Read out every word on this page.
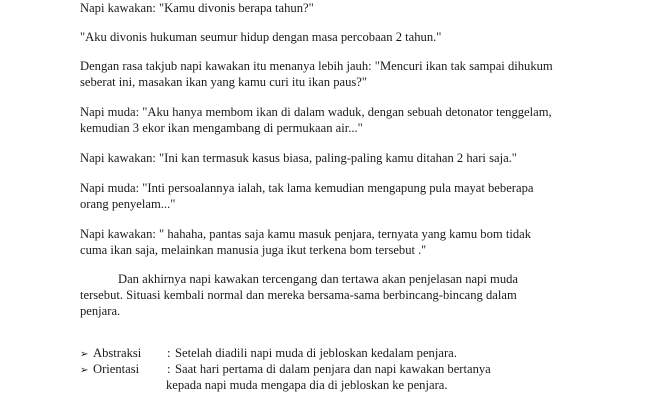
Napi kawakan: "Kamu divonis berapa tahun?"
"Aku divonis hukuman seumur hidup dengan masa percobaan 2 tahun."
Dengan rasa takjub napi kawakan itu menanya lebih jauh: "Mencuri ikan tak sampai dihukum
seberat ini, masakan ikan yang kamu curi itu ikan paus?"
Napi muda: "Aku hanya membom ikan di dalam waduk, dengan sebuah detonator tenggelam,
kemudian 3 ekor ikan mengambang di permukaan air..."
Napi kawakan: "Ini kan termasuk kasus biasa, paling-paling kamu ditahan 2 hari saja."
Napi muda: "Inti persoalannya ialah, tak lama kemudian mengapung pula mayat beberapa
orang penyelam..."
Napi kawakan: " hahaha, pantas saja kamu masuk penjara, ternyata yang kamu bom tidak
cuma ikan saja, melainkan manusia juga ikut terkena bom tersebut .''
Dan akhirnya napi kawakan tercengang dan tertawa akan penjelasan napi muda
tersebut. Situasi kembali normal dan mereka bersama-sama berbincang-bincang dalam
penjara.
➢ Abstraksi : Setelah diadili napi muda di jebloskan kedalam penjara.
➢ Orientasi : Saat hari pertama di dalam penjara dan napi kawakan bertanya
kepada napi muda mengapa dia di jebloskan ke penjara.
